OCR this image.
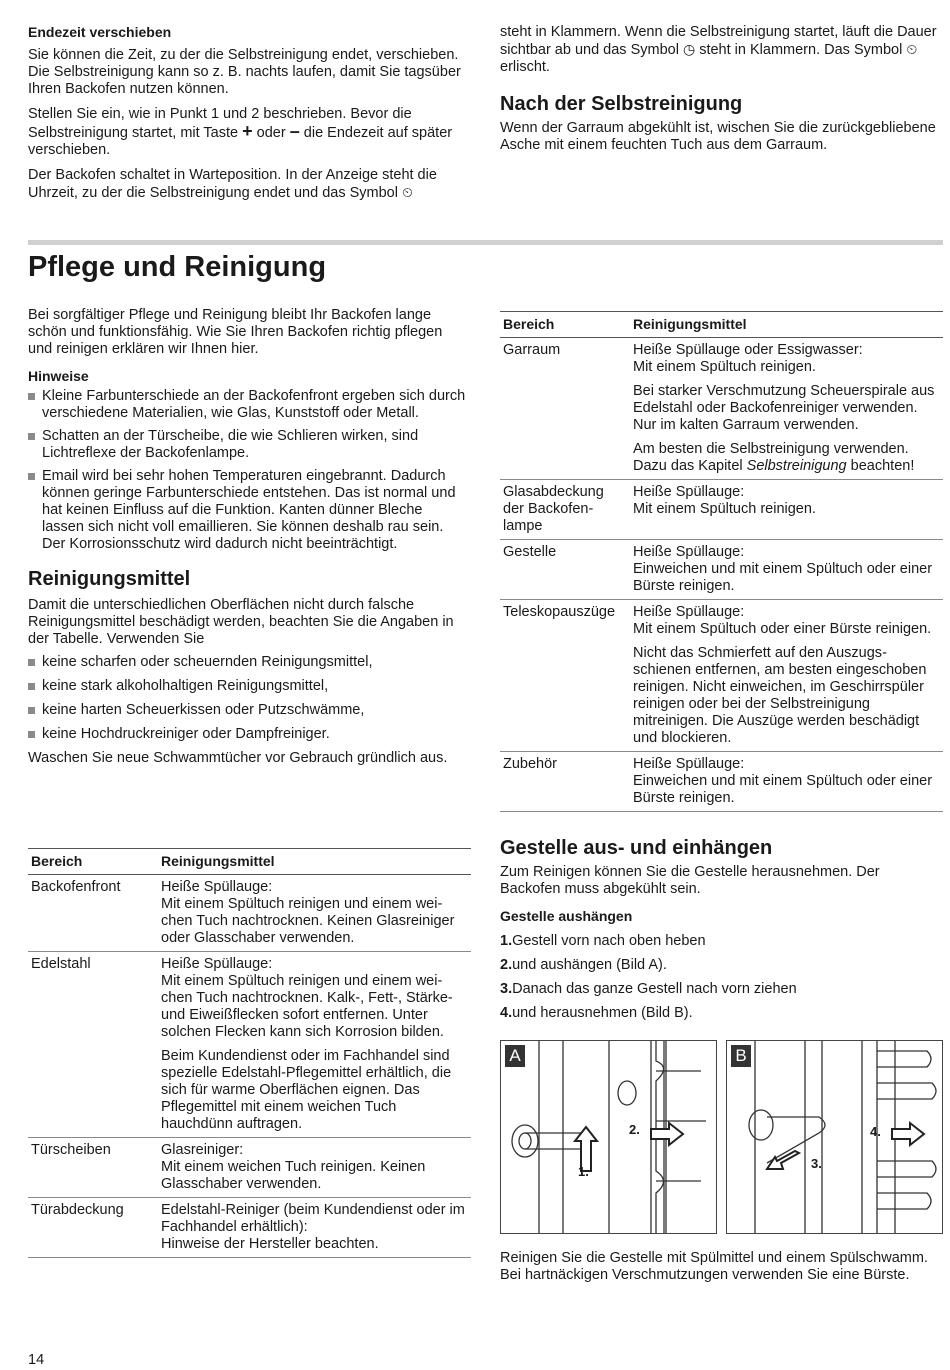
Endezeit verschieben

Sie können die Zeit, zu der die Selbstreinigung endet, verschieben. Die Selbstreinigung kann so z. B. nachts laufen, damit Sie tagsüber Ihren Backofen nutzen können.

Stellen Sie ein, wie in Punkt 1 und 2 beschrieben. Bevor die Selbstreinigung startet, mit Taste + oder – die Endezeit auf später verschieben.

Der Backofen schaltet in Warteposition. In der Anzeige steht die Uhrzeit, zu der die Selbstreinigung endet und das Symbol ⏲

steht in Klammern. Wenn die Selbstreinigung startet, läuft die Dauer sichtbar ab und das Symbol ◷ steht in Klammern. Das Symbol ⏲ erlischt.

Nach der Selbstreinigung

Wenn der Garraum abgekühlt ist, wischen Sie die zurückgebliebene Asche mit einem feuchten Tuch aus dem Garraum.

Pflege und Reinigung

Bei sorgfältiger Pflege und Reinigung bleibt Ihr Backofen lange schön und funktionsfähig. Wie Sie Ihren Backofen richtig pflegen und reinigen erklären wir Ihnen hier.

Hinweise
Kleine Farbunterschiede an der Backofenfront ergeben sich durch verschiedene Materialien, wie Glas, Kunststoff oder Metall.
Schatten an der Türscheibe, die wie Schlieren wirken, sind Lichtreflexe der Backofenlampe.
Email wird bei sehr hohen Temperaturen eingebrannt. Dadurch können geringe Farbunterschiede entstehen. Das ist normal und hat keinen Einfluss auf die Funktion. Kanten dünner Bleche lassen sich nicht voll emaillieren. Sie können deshalb rau sein. Der Korrosionsschutz wird dadurch nicht beeinträchtigt.
Reinigungsmittel

Damit die unterschiedlichen Oberflächen nicht durch falsche Reinigungsmittel beschädigt werden, beachten Sie die Angaben in der Tabelle. Verwenden Sie

keine scharfen oder scheuernden Reinigungsmittel,
keine stark alkoholhaltigen Reinigungsmittel,
keine harten Scheuerkissen oder Putzschwämme,
keine Hochdruckreiniger oder Dampfreiniger.

Waschen Sie neue Schwammtücher vor Gebrauch gründlich aus.

Bereich	Reinigungsmittel
Backofenfront	Heiße Spüllauge:
Mit einem Spültuch reinigen und einem weichen Tuch nachtrocknen. Keinen Glasreiniger oder Glasschaber verwenden.

Edelstahl	Heiße Spüllauge:
Mit einem Spültuch reinigen und einem weichen Tuch nachtrocknen. Kalk-, Fett-, Stärke- und Eiweißflecken sofort entfernen. Unter solchen Flecken kann sich Korrosion bilden.
Beim Kundendienst oder im Fachhandel sind spezielle Edelstahl-Pflegemittel erhältlich, die sich für warme Oberflächen eignen. Das Pflegemittel mit einem weichen Tuch hauchdünn auftragen.

Türscheiben	Glasreiniger:
Mit einem weichen Tuch reinigen. Keinen Glasschaber verwenden.

Türabdeckung	Edelstahl-Reiniger (beim Kundendienst oder im Fachhandel erhältlich):
Hinweise der Hersteller beachten.
Bereich	Reinigungsmittel
Garraum	Heiße Spüllauge oder Essigwasser:
Mit einem Spültuch reinigen.
Bei starker Verschmutzung Scheuerspirale aus Edelstahl oder Backofenreiniger verwenden. Nur im kalten Garraum verwenden.
Am besten die Selbstreinigung verwenden. Dazu das Kapitel Selbstreinigung beachten!

Glasabdeckung der Backofenlampe	Heiße Spüllauge:
Mit einem Spültuch reinigen.

Gestelle	Heiße Spüllauge:
Einweichen und mit einem Spültuch oder einer Bürste reinigen.

Teleskopauszüge	Heiße Spüllauge:
Mit einem Spültuch oder einer Bürste reinigen.
Nicht das Schmierfett auf den Auszugsschienen entfernen, am besten eingeschoben reinigen. Nicht einweichen, im Geschirrspüler reinigen oder bei der Selbstreinigung mitreinigen. Die Auszüge werden beschädigt und blockieren.

Zubehör	Heiße Spüllauge:
Einweichen und mit einem Spültuch oder einer Bürste reinigen.
Gestelle aus- und einhängen

Zum Reinigen können Sie die Gestelle herausnehmen. Der Backofen muss abgekühlt sein.

Gestelle aushängen
1.Gestell vorn nach oben heben
2.und aushängen (Bild A).
3.Danach das ganze Gestell nach vorn ziehen
4.und herausnehmen (Bild B).
A
1.
2.
B
3.
4.

Reinigen Sie die Gestelle mit Spülmittel und einem Spülschwamm. Bei hartnäckigen Verschmutzungen verwenden Sie eine Bürste.

14
